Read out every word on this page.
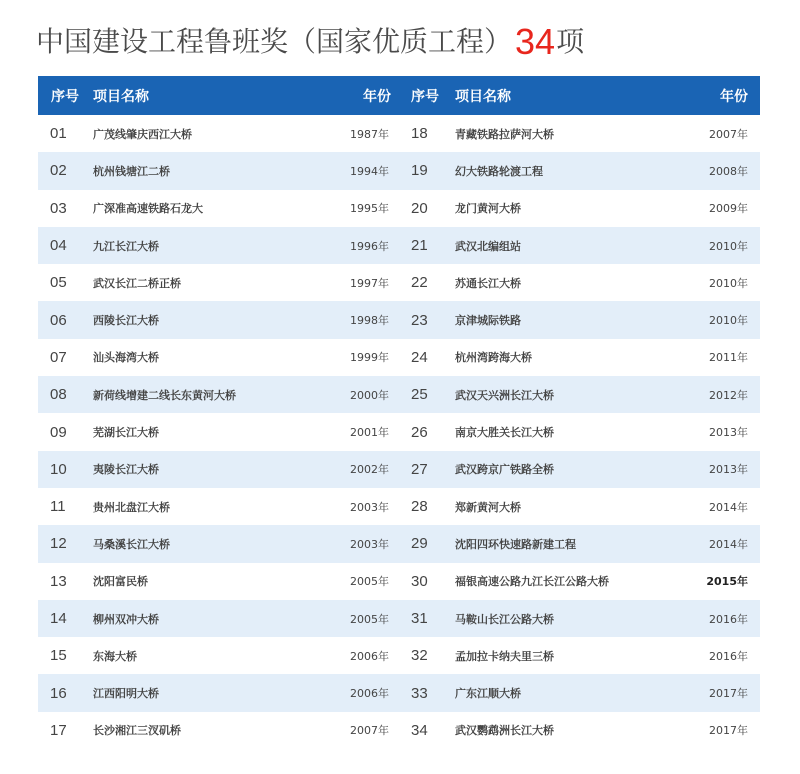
中国建设工程鲁班奖（国家优质工程） 34 项
序号 项目名称	年份 序号 项目名称	年份
01 广茂线肇庆西江大桥	1987年 18 青藏铁路拉萨河大桥	2007年
02 杭州钱塘江二桥	1994年 19 幻大铁路轮渡工程	2008年
03 广深准高速铁路石龙大	1995年 20 龙门黄河大桥	2009年
04 九江长江大桥	1996年 21 武汉北编组站	2010年
05 武汉长江二桥正桥	1997年 22 苏通长江大桥	2010年
06 西陵长江大桥	1998年 23 京津城际铁路	2010年
07 汕头海湾大桥	1999年 24 杭州湾跨海大桥	2011年
08 新荷线增建二线长东黄河大桥	2000年 25 武汉天兴洲长江大桥	2012年
09 芜湖长江大桥	2001年 26 南京大胜关长江大桥	2013年
10 夷陵长江大桥	2002年 27 武汉跨京广铁路全桥	2013年
11 贵州北盘江大桥	2003年 28 郑新黄河大桥	2014年
12 马桑溪长江大桥	2003年 29 沈阳四环快速路新建工程	2014年
13 沈阳富民桥	2005年 30 福银高速公路九江长江公路大桥	2015年
14 柳州双冲大桥	2005年 31 马鞍山长江公路大桥	2016年
15 东海大桥	2006年 32 孟加拉卡纳夫里三桥	2016年
16 江西阳明大桥	2006年 33 广东江顺大桥	2017年
17 长沙湘江三汊矶桥	2007年 34 武汉鹦鹉洲长江大桥	2017年
